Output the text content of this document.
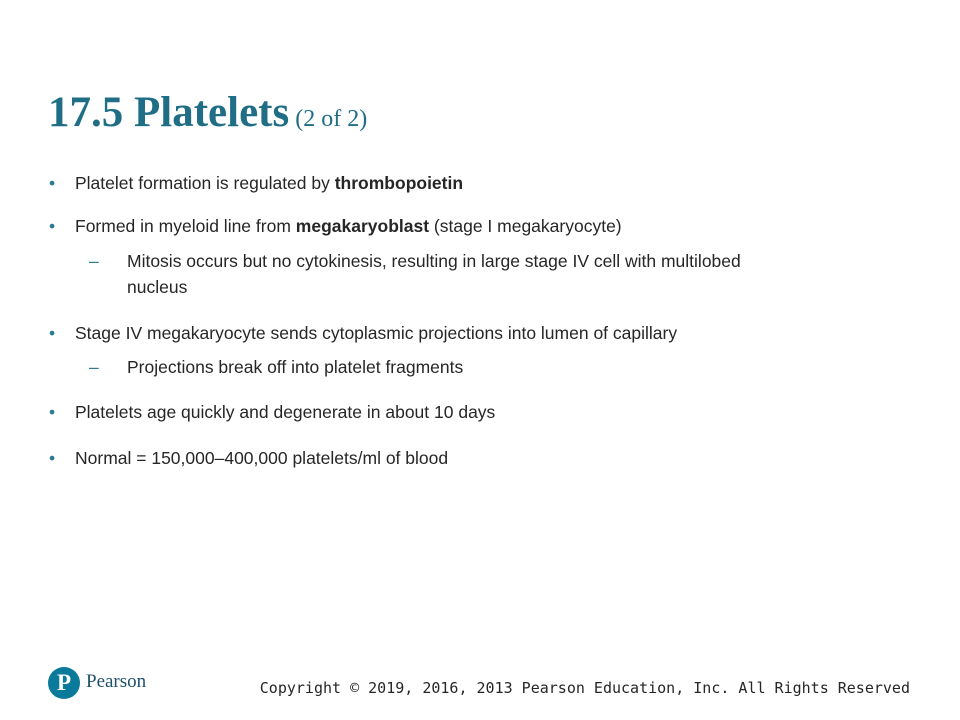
17.5 Platelets (2 of 2)
• Platelet formation is regulated by thrombopoietin
• Formed in myeloid line from megakaryoblast (stage I megakaryocyte)
– Mitosis occurs but no cytokinesis, resulting in large stage IV cell with multilobed
nucleus
• Stage IV megakaryocyte sends cytoplasmic projections into lumen of capillary
– Projections break off into platelet fragments
• Platelets age quickly and degenerate in about 10 days
• Normal = 150,000–400,000 platelets/ml of blood
P Pearson	Copyright © 2019, 2016, 2013 Pearson Education, Inc. All Rights Reserved
